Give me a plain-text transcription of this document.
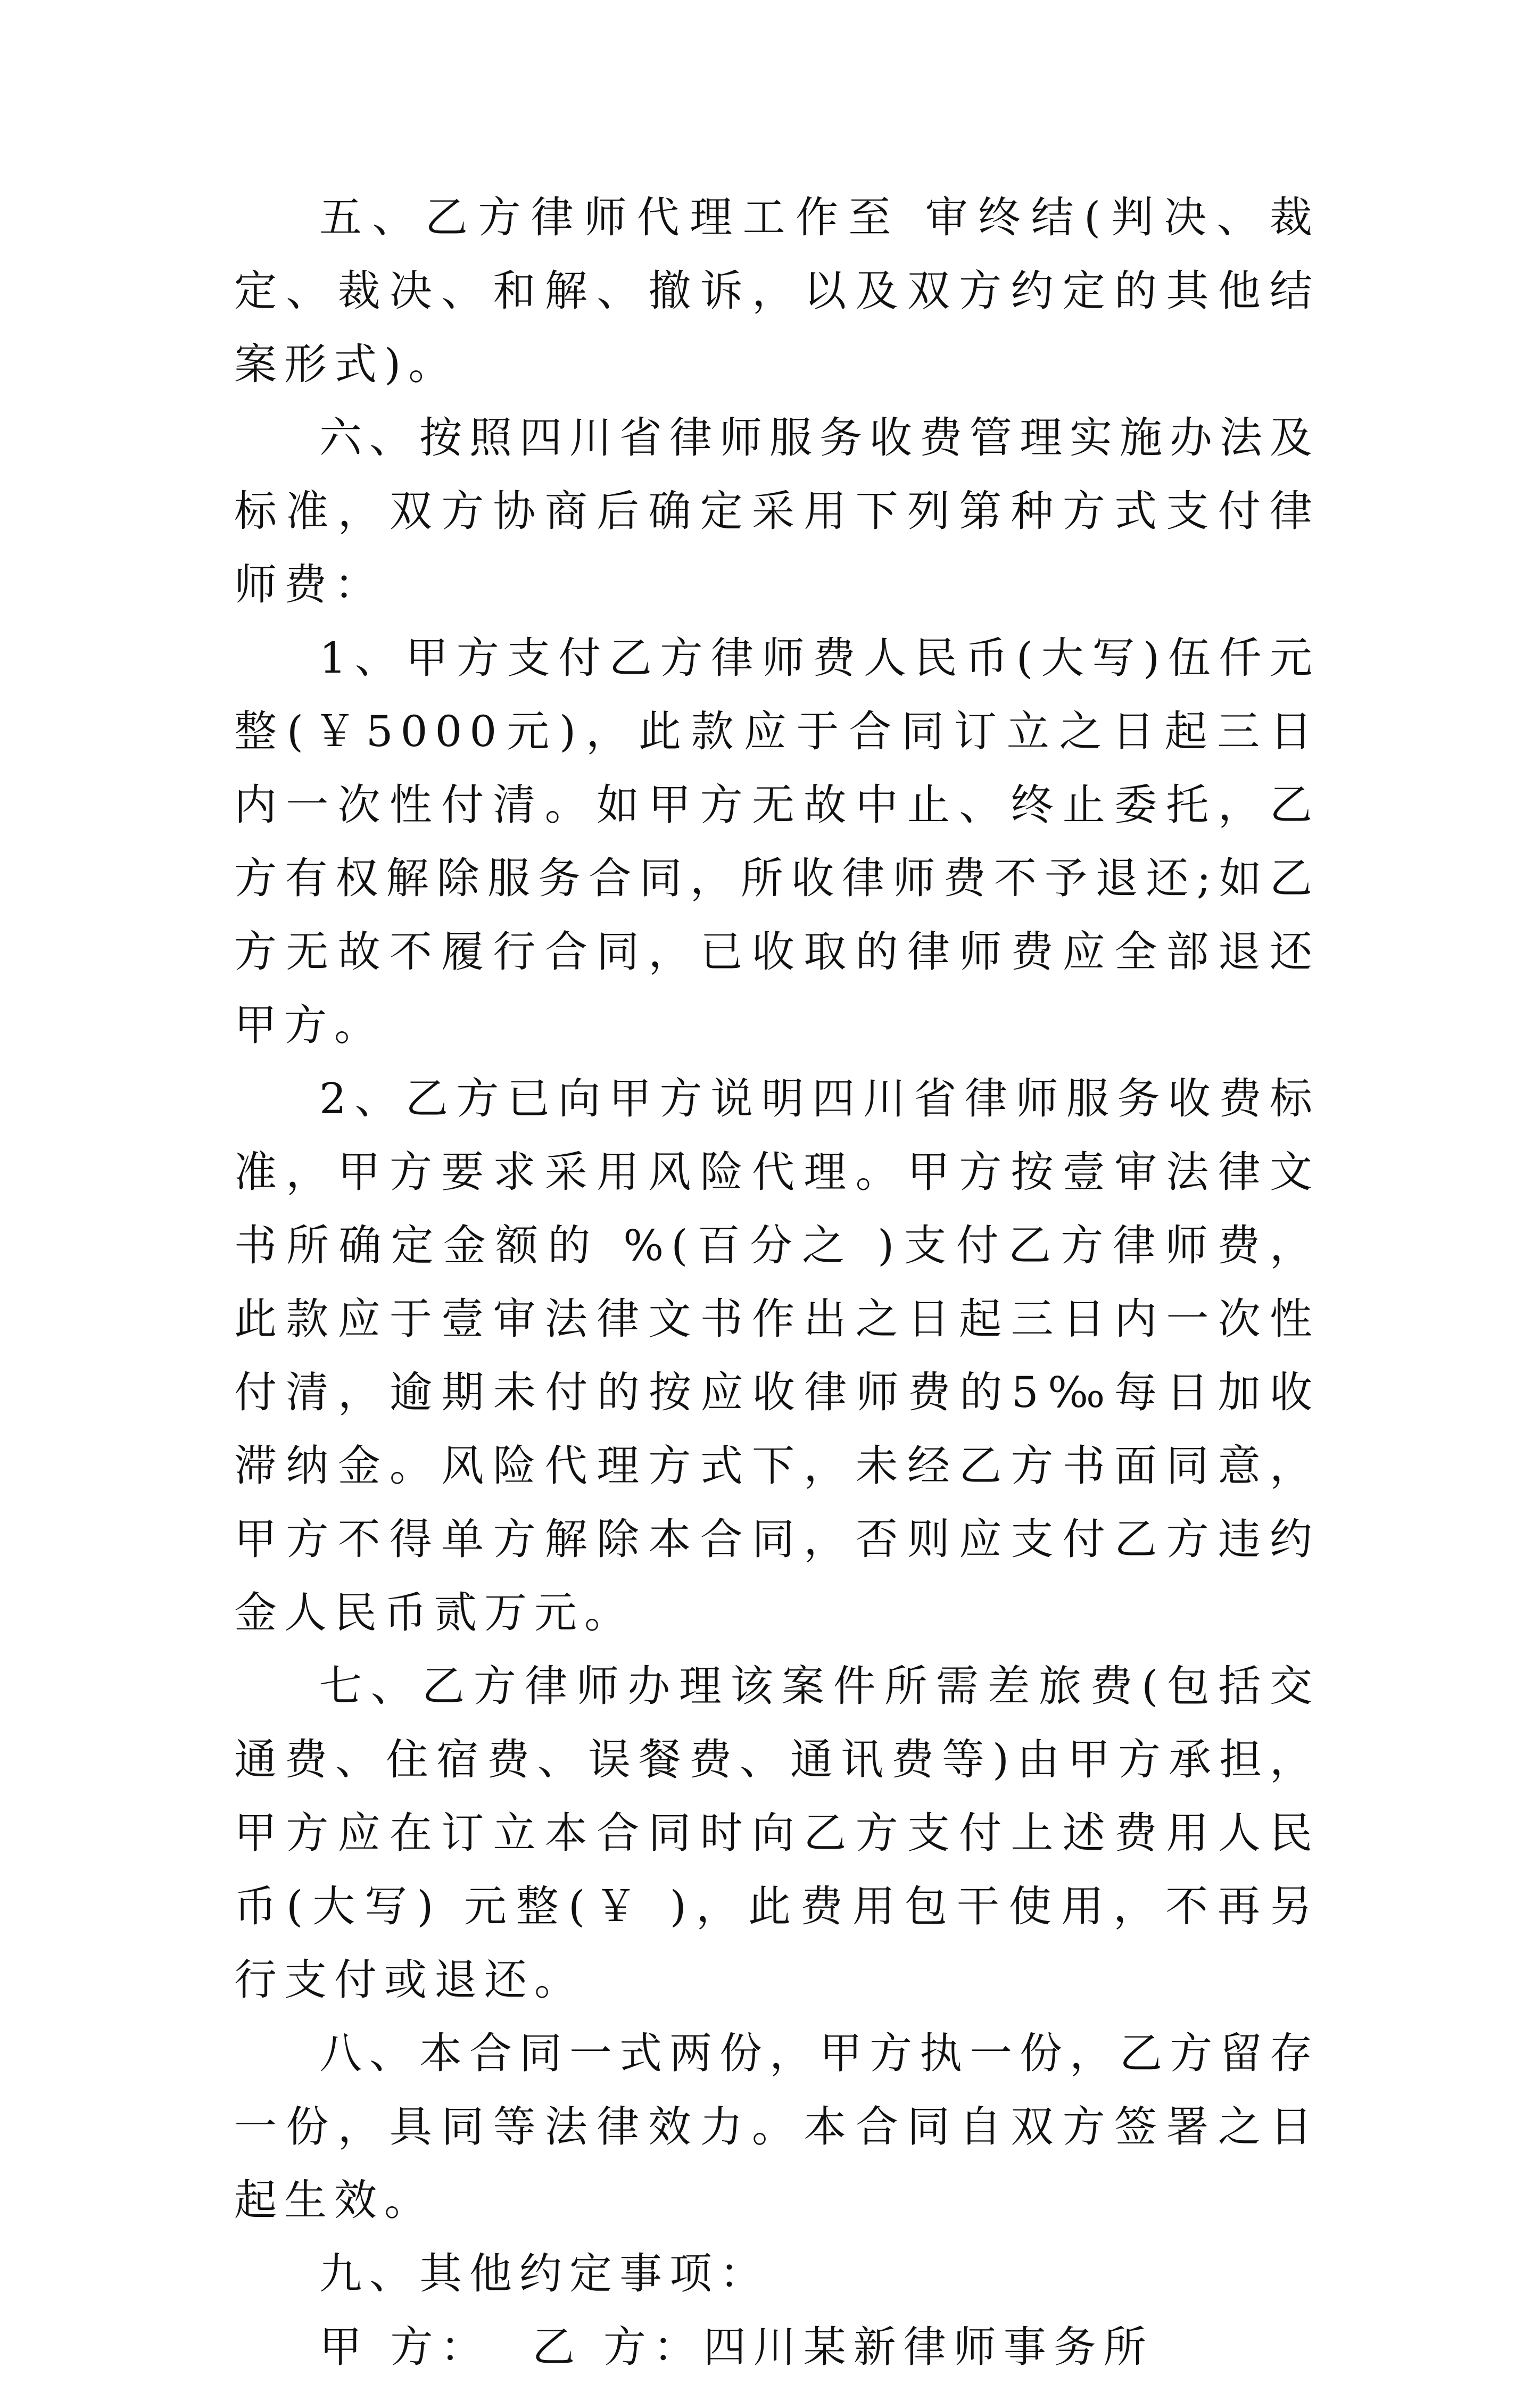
五、乙方律师代理工作至 审终结(判决、裁定、裁决、和解、撤诉，以及双方约定的其他结案形式)。

六、按照四川省律师服务收费管理实施办法及标准，双方协商后确定采用下列第种方式支付律师费：

1、甲方支付乙方律师费人民币(大写)伍仟元整(￥5000元)，此款应于合同订立之日起三日内一次性付清。如甲方无故中止、终止委托，乙方有权解除服务合同，所收律师费不予退还;如乙方无故不履行合同，已收取的律师费应全部退还甲方。

2、乙方已向甲方说明四川省律师服务收费标准，甲方要求采用风险代理。甲方按壹审法律文书所确定金额的 %(百分之 )支付乙方律师费，此款应于壹审法律文书作出之日起三日内一次性付清，逾期未付的按应收律师费的5‰每日加收滞纳金。风险代理方式下，未经乙方书面同意，甲方不得单方解除本合同，否则应支付乙方违约金人民币贰万元。

七、乙方律师办理该案件所需差旅费(包括交通费、住宿费、误餐费、通讯费等)由甲方承担，甲方应在订立本合同时向乙方支付上述费用人民币(大写) 元整(￥ )，此费用包干使用，不再另行支付或退还。

八、本合同一式两份，甲方执一份，乙方留存一份，具同等法律效力。本合同自双方签署之日起生效。

九、其他约定事项：

甲 方：  乙 方：四川某新律师事务所
